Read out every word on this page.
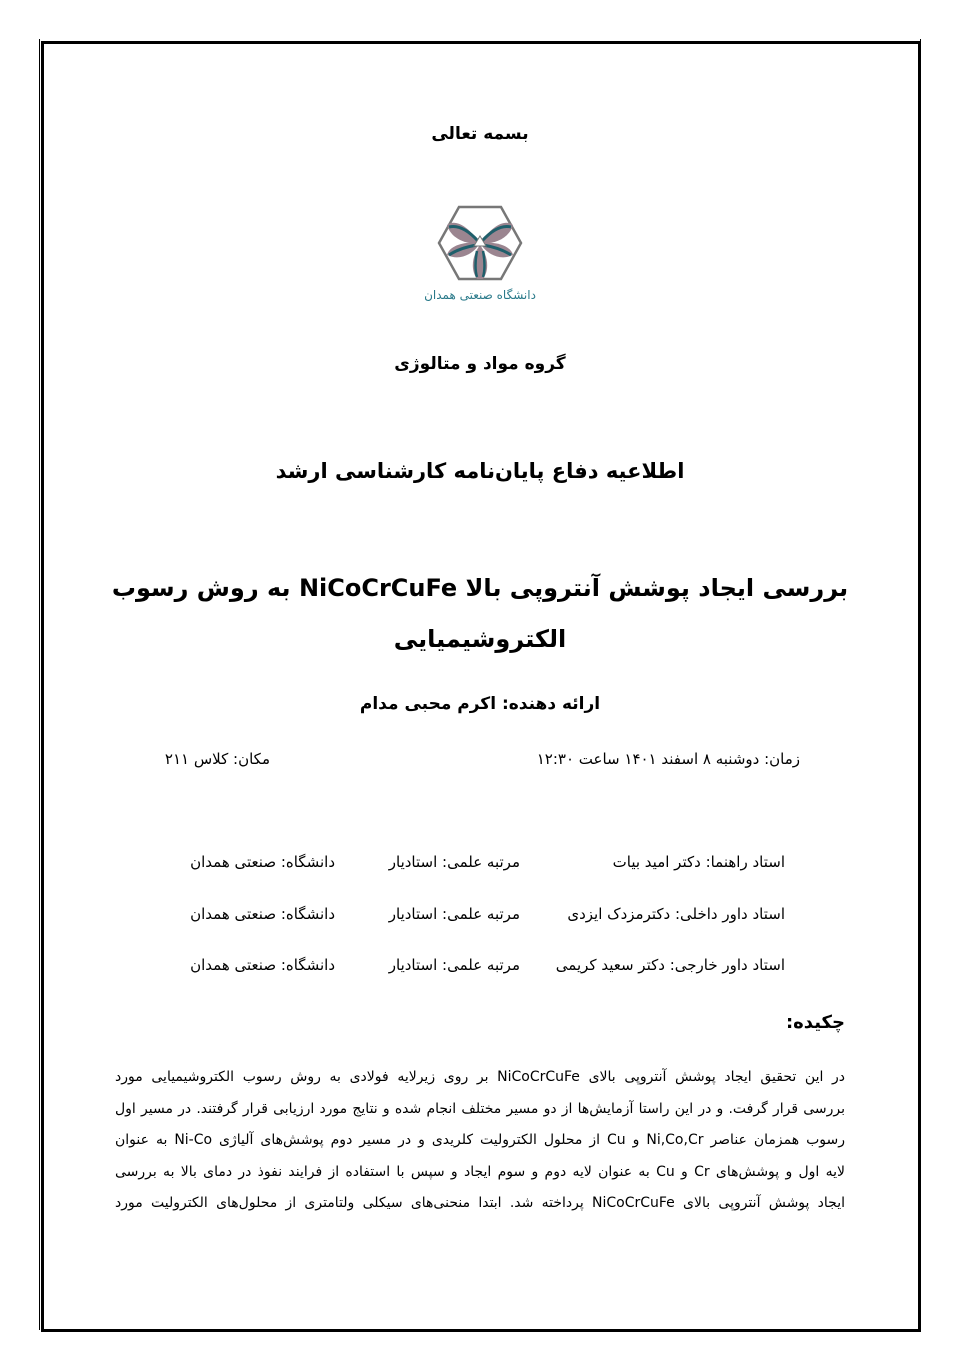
بسمه تعالی
دانشگاه صنعتی همدان
گروه مواد و متالوژی
اطلاعیه دفاع پایان‌نامه کارشناسی ارشد
بررسی ایجاد پوشش آنتروپی بالا NiCoCrCuFe به روش رسوب
الکتروشیمیایی
ارائه دهنده: اکرم محبی مدام
زمان: دوشنبه ۸ اسفند ۱۴۰۱ ساعت ۱۲:۳۰
مکان: کلاس ۲۱۱
استاد راهنما: دکتر امید بیات
مرتبه علمی: استادیار
دانشگاه: صنعتی همدان
استاد داور داخلی: دکترمزدک ایزدی
مرتبه علمی: استادیار
دانشگاه: صنعتی همدان
استاد داور خارجی: دکتر سعید کریمی
مرتبه علمی: استادیار
دانشگاه: صنعتی همدان
چکیده:
در این تحقیق ایجاد پوشش آنتروپی بالای NiCoCrCuFe بر روی زیرلایه فولادی به روش رسوب الکتروشیمیایی مورد
بررسی قرار گرفت. و در این راستا آزمایش‌ها از دو مسیر مختلف انجام شده و نتایج مورد ارزیابی قرار گرفتند. در مسیر اول
رسوب همزمان عناصر Ni,Co,Cr و Cu از محلول الکترولیت کلریدی و در مسیر دوم پوشش‌های آلیاژی Ni-Co به عنوان
لایه اول و پوشش‌های Cr و Cu به عنوان لایه دوم و سوم ایجاد و سپس با استفاده از فرایند نفوذ در دمای بالا به بررسی
ایجاد پوشش آنتروپی بالای NiCoCrCuFe پرداخته شد. ابتدا منحنی‌های سیکلی ولتامتری از محلول‌های الکترولیت مورد
